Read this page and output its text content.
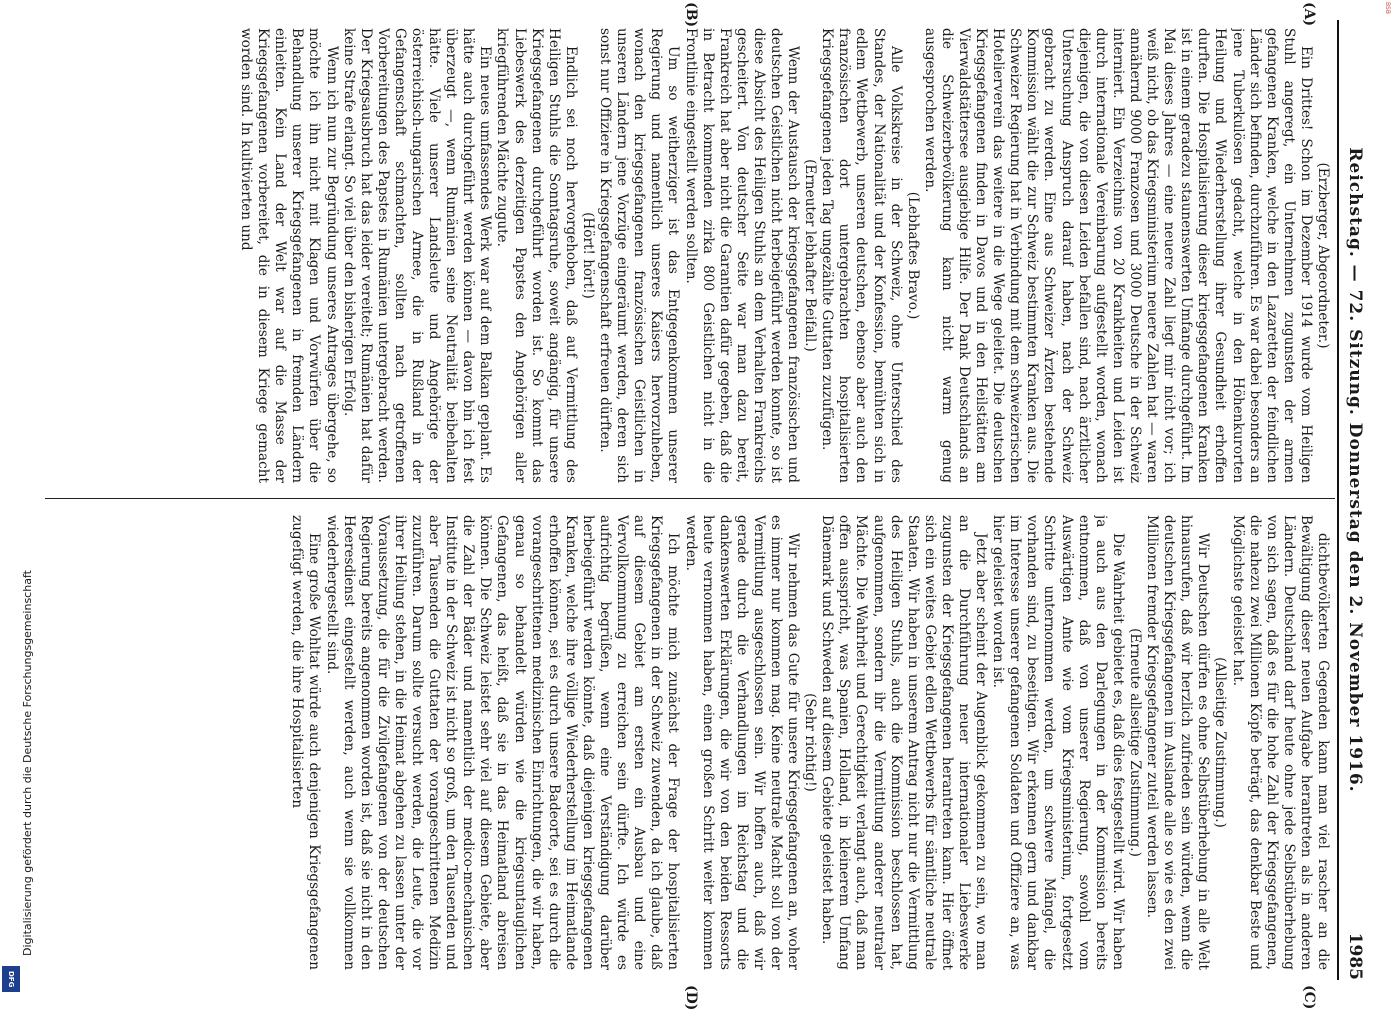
Reichstag. — 72. Sitzung. Donnerstag den 2. November 1916.
1985
(A)
(B)
(C)
(D)

(Erzberger, Abgeordneter.)

Ein Drittes! Schon im Dezember 1914 wurde vom Heiligen Stuhl angeregt, ein Unternehmen zugunsten der armen gefangenen Kranken, welche in den Lazaretten der feindlichen Länder sich befinden, durchzuführen. Es war dabei besonders an jene Tuberkulösen gedacht, welche in den Höhenkurorten Heilung und Wiederherstellung ihrer Gesundheit erhoffen durften. Die Hospitalisierung dieser kriegsgefangenen Kranken ist in einem geradezu staunenswerten Umfange durchgeführt. Im Mai dieses Jahres — eine neuere Zahl liegt mir nicht vor; ich weiß nicht, ob das Kriegsministerium neuere Zahlen hat — waren annähernd 9000 Franzosen und 3000 Deutsche in der Schweiz interniert. Ein Verzeichnis von 20 Krankheiten und Leiden ist durch internationale Vereinbarung aufgestellt worden, wonach diejenigen, die von diesen Leiden befallen sind, nach ärztlicher Untersuchung Anspruch darauf haben, nach der Schweiz gebracht zu werden. Eine aus Schweizer Ärzten bestehende Kommission wählt die zur Schweiz bestimmten Kranken aus. Die Schweizer Regierung hat in Verbindung mit dem schweizerischen Hotelierverein das weitere in die Wege geleitet. Die deutschen Kriegsgefangenen finden in Davos und in den Heilstätten am Vierwaldstättersee ausgiebige Hilfe. Der Dank Deutschlands an die Schweizerbevölkerung kann nicht warm genug ausgesprochen werden.

(Lebhaftes Bravo.)

Alle Volkskreise in der Schweiz, ohne Unterschied des Standes, der Nationalität und der Konfession, bemühten sich in edlem Wettbewerb, unseren deutschen, ebenso aber auch den französischen dort untergebrachten hospitalisierten Kriegsgefangenen jeden Tag ungezählte Guttaten zuzufügen.

(Erneuter lebhafter Beifall.)

Wenn der Austausch der kriegsgefangenen französischen und deutschen Geistlichen nicht herbeigeführt werden konnte, so ist diese Absicht des Heiligen Stuhls an dem Verhalten Frankreichs gescheitert. Von deutscher Seite war man dazu bereit, Frankreich hat aber nicht die Garantien dafür gegeben, daß die in Betracht kommenden zirka 800 Geistlichen nicht in die Frontlinie eingestellt werden sollten.

Um so weitherziger ist das Entgegenkommen unserer Regierung und namentlich unseres Kaisers hervorzuheben, wonach den kriegsgefangenen französischen Geistlichen in unseren Ländern jene Vorzüge eingeräumt werden, deren sich sonst nur Offiziere in Kriegsgefangenschaft erfreuen dürften.

(Hört! hört!)

Endlich sei noch hervorgehoben, daß auf Vermittlung des Heiligen Stuhls die Sonntagsruhe, soweit angängig, für unsere Kriegsgefangenen durchgeführt worden ist. So kommt das Liebeswerk des derzeitigen Papstes den Angehörigen aller kriegführenden Mächte zugute.

Ein neues umfassendes Werk war auf dem Balkan geplant. Es hätte auch durchgeführt werden können — davon bin ich fest überzeugt —, wenn Rumänien seine Neutralität beibehalten hätte. Viele unserer Landsleute und Angehörige der österreichisch-ungarischen Armee, die in Rußland in der Gefangenschaft schmachten, sollten nach getroffenen Vorbereitungen des Papstes in Rumänien untergebracht werden. Der Kriegsausbruch hat das leider vereitelt; Rumänien hat dafür keine Strafe erlangt. So viel über den bisherigen Erfolg.

Wenn ich nun zur Begründung unseres Antrages übergehe, so möchte ich ihn nicht mit Klagen und Vorwürfen über die Behandlung unserer Kriegsgefangenen in fremden Ländern einleiten. Kein Land der Welt war auf die Masse der Kriegsgefangenen vorbereitet, die in diesem Kriege gemacht worden sind. In kultivierten und

dichtbevölkerten Gegenden kann man viel rascher an die Bewältigung dieser neuen Aufgabe herantreten als in anderen Ländern. Deutschland darf heute ohne jede Selbstüberhebung von sich sagen, daß es für die hohe Zahl der Kriegsgefangenen, die nahezu zwei Millionen Köpfe beträgt, das denkbar Beste und Möglichste geleistet hat.

(Allseitige Zustimmung.)

Wir Deutschen dürfen es ohne Selbstüberhebung in alle Welt hinausrufen, daß wir herzlich zufrieden sein würden, wenn die deutschen Kriegsgefangenen im Auslande alle so wie es den zwei Millionen fremder Kriegsgefangener zuteil werden lassen.

(Erneute allseitige Zustimmung.)

Die Wahrheit gebietet es, daß dies festgestellt wird. Wir haben ja auch aus den Darlegungen in der Kommission bereits entnommen, daß von unserer Regierung, sowohl vom Auswärtigen Amte wie vom Kriegsministerium, fortgesetzt Schritte unternommen werden, um schwere Mängel, die vorhanden sind, zu beseitigen. Wir erkennen gern und dankbar im Interesse unserer gefangenen Soldaten und Offiziere an, was hier geleistet worden ist.

Jetzt aber scheint der Augenblick gekommen zu sein, wo man an die Durchführung neuer internationaler Liebeswerke zugunsten der Kriegsgefangenen herantreten kann. Hier öffnet sich ein weites Gebiet edlen Wettbewerbs für sämtliche neutrale Staaten. Wir haben in unserem Antrag nicht nur die Vermittlung des Heiligen Stuhls, auch die Kommission beschlossen hat, aufgenommen, sondern ihr die Vermittlung anderer neutraler Mächte. Die Wahrheit und Gerechtigkeit verlangt auch, daß man offen ausspricht, was Spanien, Holland, in kleinerem Umfang Dänemark und Schweden auf diesem Gebiete geleistet haben.

(Sehr richtig!)

Wir nehmen das Gute für unsere Kriegsgefangenen an, woher es immer nur kommen mag. Keine neutrale Macht soll von der Vermittlung ausgeschlossen sein. Wir hoffen auch, daß wir gerade durch die Verhandlungen im Reichstag und die dankenswerten Erklärungen, die wir von den beiden Ressorts heute vernommen haben, einen großen Schritt weiter kommen werden.

Ich möchte mich zunächst der Frage der hospitalisierten Kriegsgefangenen in der Schweiz zuwenden, da ich glaube, daß auf diesem Gebiet am ersten ein Ausbau und eine Vervollkommnung zu erreichen sein dürfte. Ich würde es aufrichtig begrüßen, wenn eine Verständigung darüber herbeigeführt werden könnte, daß diejenigen kriegsgefangenen Kranken, welche ihre völlige Wiederherstellung im Heimatlande erhoffen können, sei es durch unsere Badeorte, sei es durch die vorangeschrittenen medizinischen Einrichtungen, die wir haben, genau so behandelt würden wie die kriegsuntauglichen Gefangenen, das heißt, daß sie in das Heimatland abreisen können. Die Schweiz leistet sehr viel auf diesem Gebiete, aber die Zahl der Bäder und namentlich der medico-mechanischen Institute in der Schweiz ist nicht so groß, um den Tausenden und aber Tausenden die Guttaten der vorangeschrittenen Medizin zuzuführen. Darum sollte versucht werden, die Leute, die vor ihrer Heilung stehen, in die Heimat abgehen zu lassen unter der Voraussetzung, die für die Zivilgefangenen von der deutschen Regierung bereits angenommen worden ist, daß sie nicht in den Heeresdienst eingestellt werden, auch wenn sie vollkommen wiederhergestellt sind.

Eine große Wohltat würde auch denjenigen Kriegsgefangenen zugefügt werden, die ihre Hospitalisierten

Digitalisierung gefördert durch die Deutsche Forschungsgemeinschaft
DFG
BSB
